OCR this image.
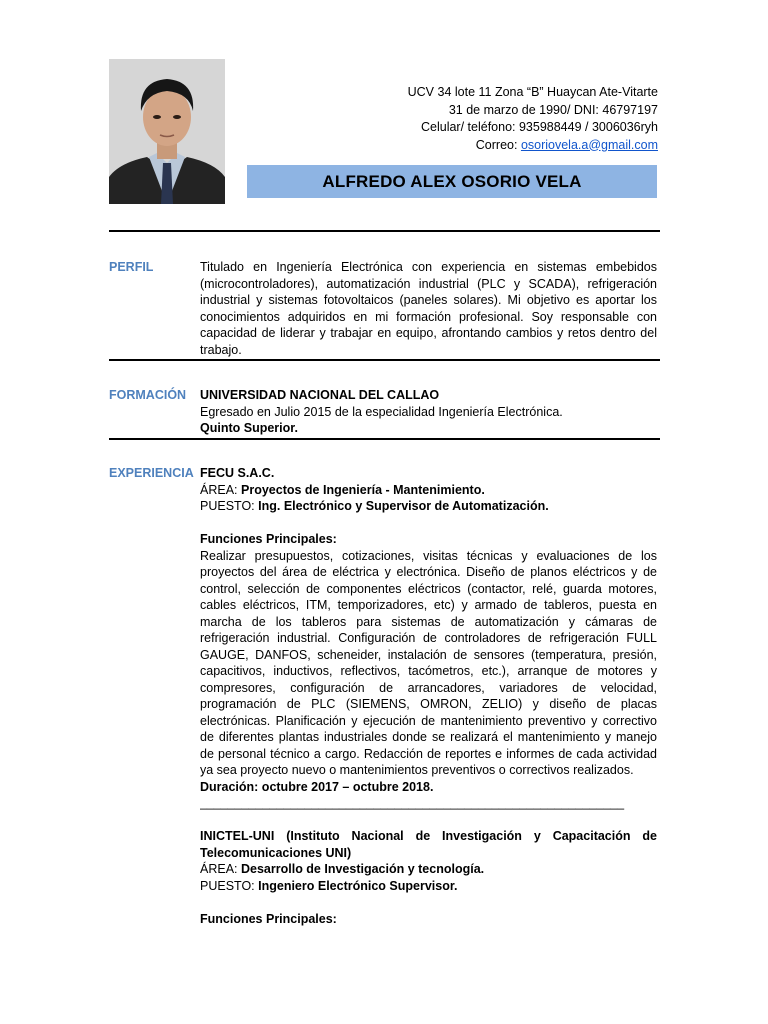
UCV 34 lote 11 Zona “B” Huaycan Ate-Vitarte

31 de marzo de 1990/ DNI: 46797197

Celular/ teléfono: 935988449 / 3006036ryh

Correo: osoriovela.a@gmail.com

ALFREDO ALEX OSORIO VELA
PERFIL	Titulado en Ingeniería Electrónica con experiencia en sistemas embebidos (microcontroladores), automatización industrial (PLC y SCADA), refrigeración industrial y sistemas fotovoltaicos (paneles solares). Mi objetivo es aportar los conocimientos adquiridos en mi formación profesional. Soy responsable con capacidad de liderar y trabajar en equipo, afrontando cambios y retos dentro del trabajo.
FORMACIÓN UNIVERSIDAD NACIONAL DEL CALLAO

Egresado en Julio 2015 de la especialidad Ingeniería Electrónica.

Quinto Superior.

EXPERIENCIA FECU S.A.C.

ÁREA: Proyectos de Ingeniería - Mantenimiento.

PUESTO: Ing. Electrónico y Supervisor de Automatización.

Funciones Principales:

Realizar presupuestos, cotizaciones, visitas técnicas y evaluaciones de los proyectos del área de eléctrica y electrónica. Diseño de planos eléctricos y de control, selección de componentes eléctricos (contactor, relé, guarda motores, cables eléctricos, ITM, temporizadores, etc) y armado de tableros, puesta en marcha de los tableros para sistemas de automatización y cámaras de refrigeración industrial. Configuración de controladores de refrigeración FULL GAUGE, DANFOS, scheneider, instalación de sensores (temperatura, presión, capacitivos, inductivos, reflectivos, tacómetros, etc.), arranque de motores y compresores, configuración de arrancadores, variadores de velocidad, programación de PLC (SIEMENS, OMRON, ZELIO) y diseño de placas electrónicas. Planificación y ejecución de mantenimiento preventivo y correctivo de diferentes plantas industriales donde se realizará el mantenimiento y manejo de personal técnico a cargo. Redacción de reportes e informes de cada actividad ya sea proyecto nuevo o mantenimientos preventivos o correctivos realizados.

Duración: octubre 2017 – octubre 2018.

_____________________________________________________________

INICTEL-UNI (Instituto Nacional de Investigación y Capacitación de Telecomunicaciones UNI)

ÁREA: Desarrollo de Investigación y tecnología.

PUESTO: Ingeniero Electrónico Supervisor.

Funciones Principales:
